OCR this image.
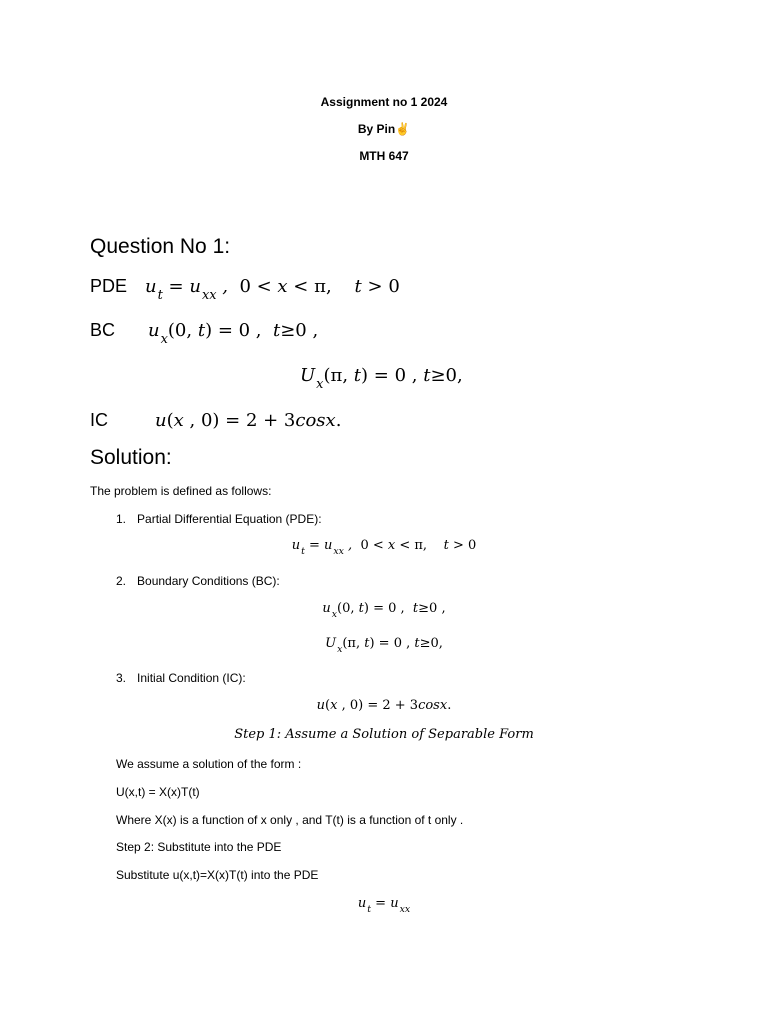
Assignment no 1 2024
By Pin✌
MTH 647
Question No 1:
PDE $u_t = u_{xx}$ ,  0 < x < π,    t > 0
BC $u_x(0$, t) = 0 ,  t≥0 ,
$U_x(\pi$, t) = 0 , t≥0,
IC	u(x , 0) = 2 + 3cosx.
Solution:
The problem is defined as follows:
1. Partial Differential Equation (PDE):
$u_t = u_{xx}$ ,  0 < x < π,    t > 0
2. Boundary Conditions (BC):
$u_x(0$, t) = 0 ,  t≥0 ,
$U_x(\pi$, t) = 0 , t≥0,
3. Initial Condition (IC):
u(x , 0) = 2 + 3cosx.
Step 1: Assume a Solution of Separable Form
We assume a solution of the form :
U(x,t) = X(x)T(t)
Where X(x) is a function of x only , and T(t) is a function of t only .
Step 2: Substitute into the PDE
Substitute u(x,t)=X(x)T(t) into the PDE
$u_t = u_{xx}$
